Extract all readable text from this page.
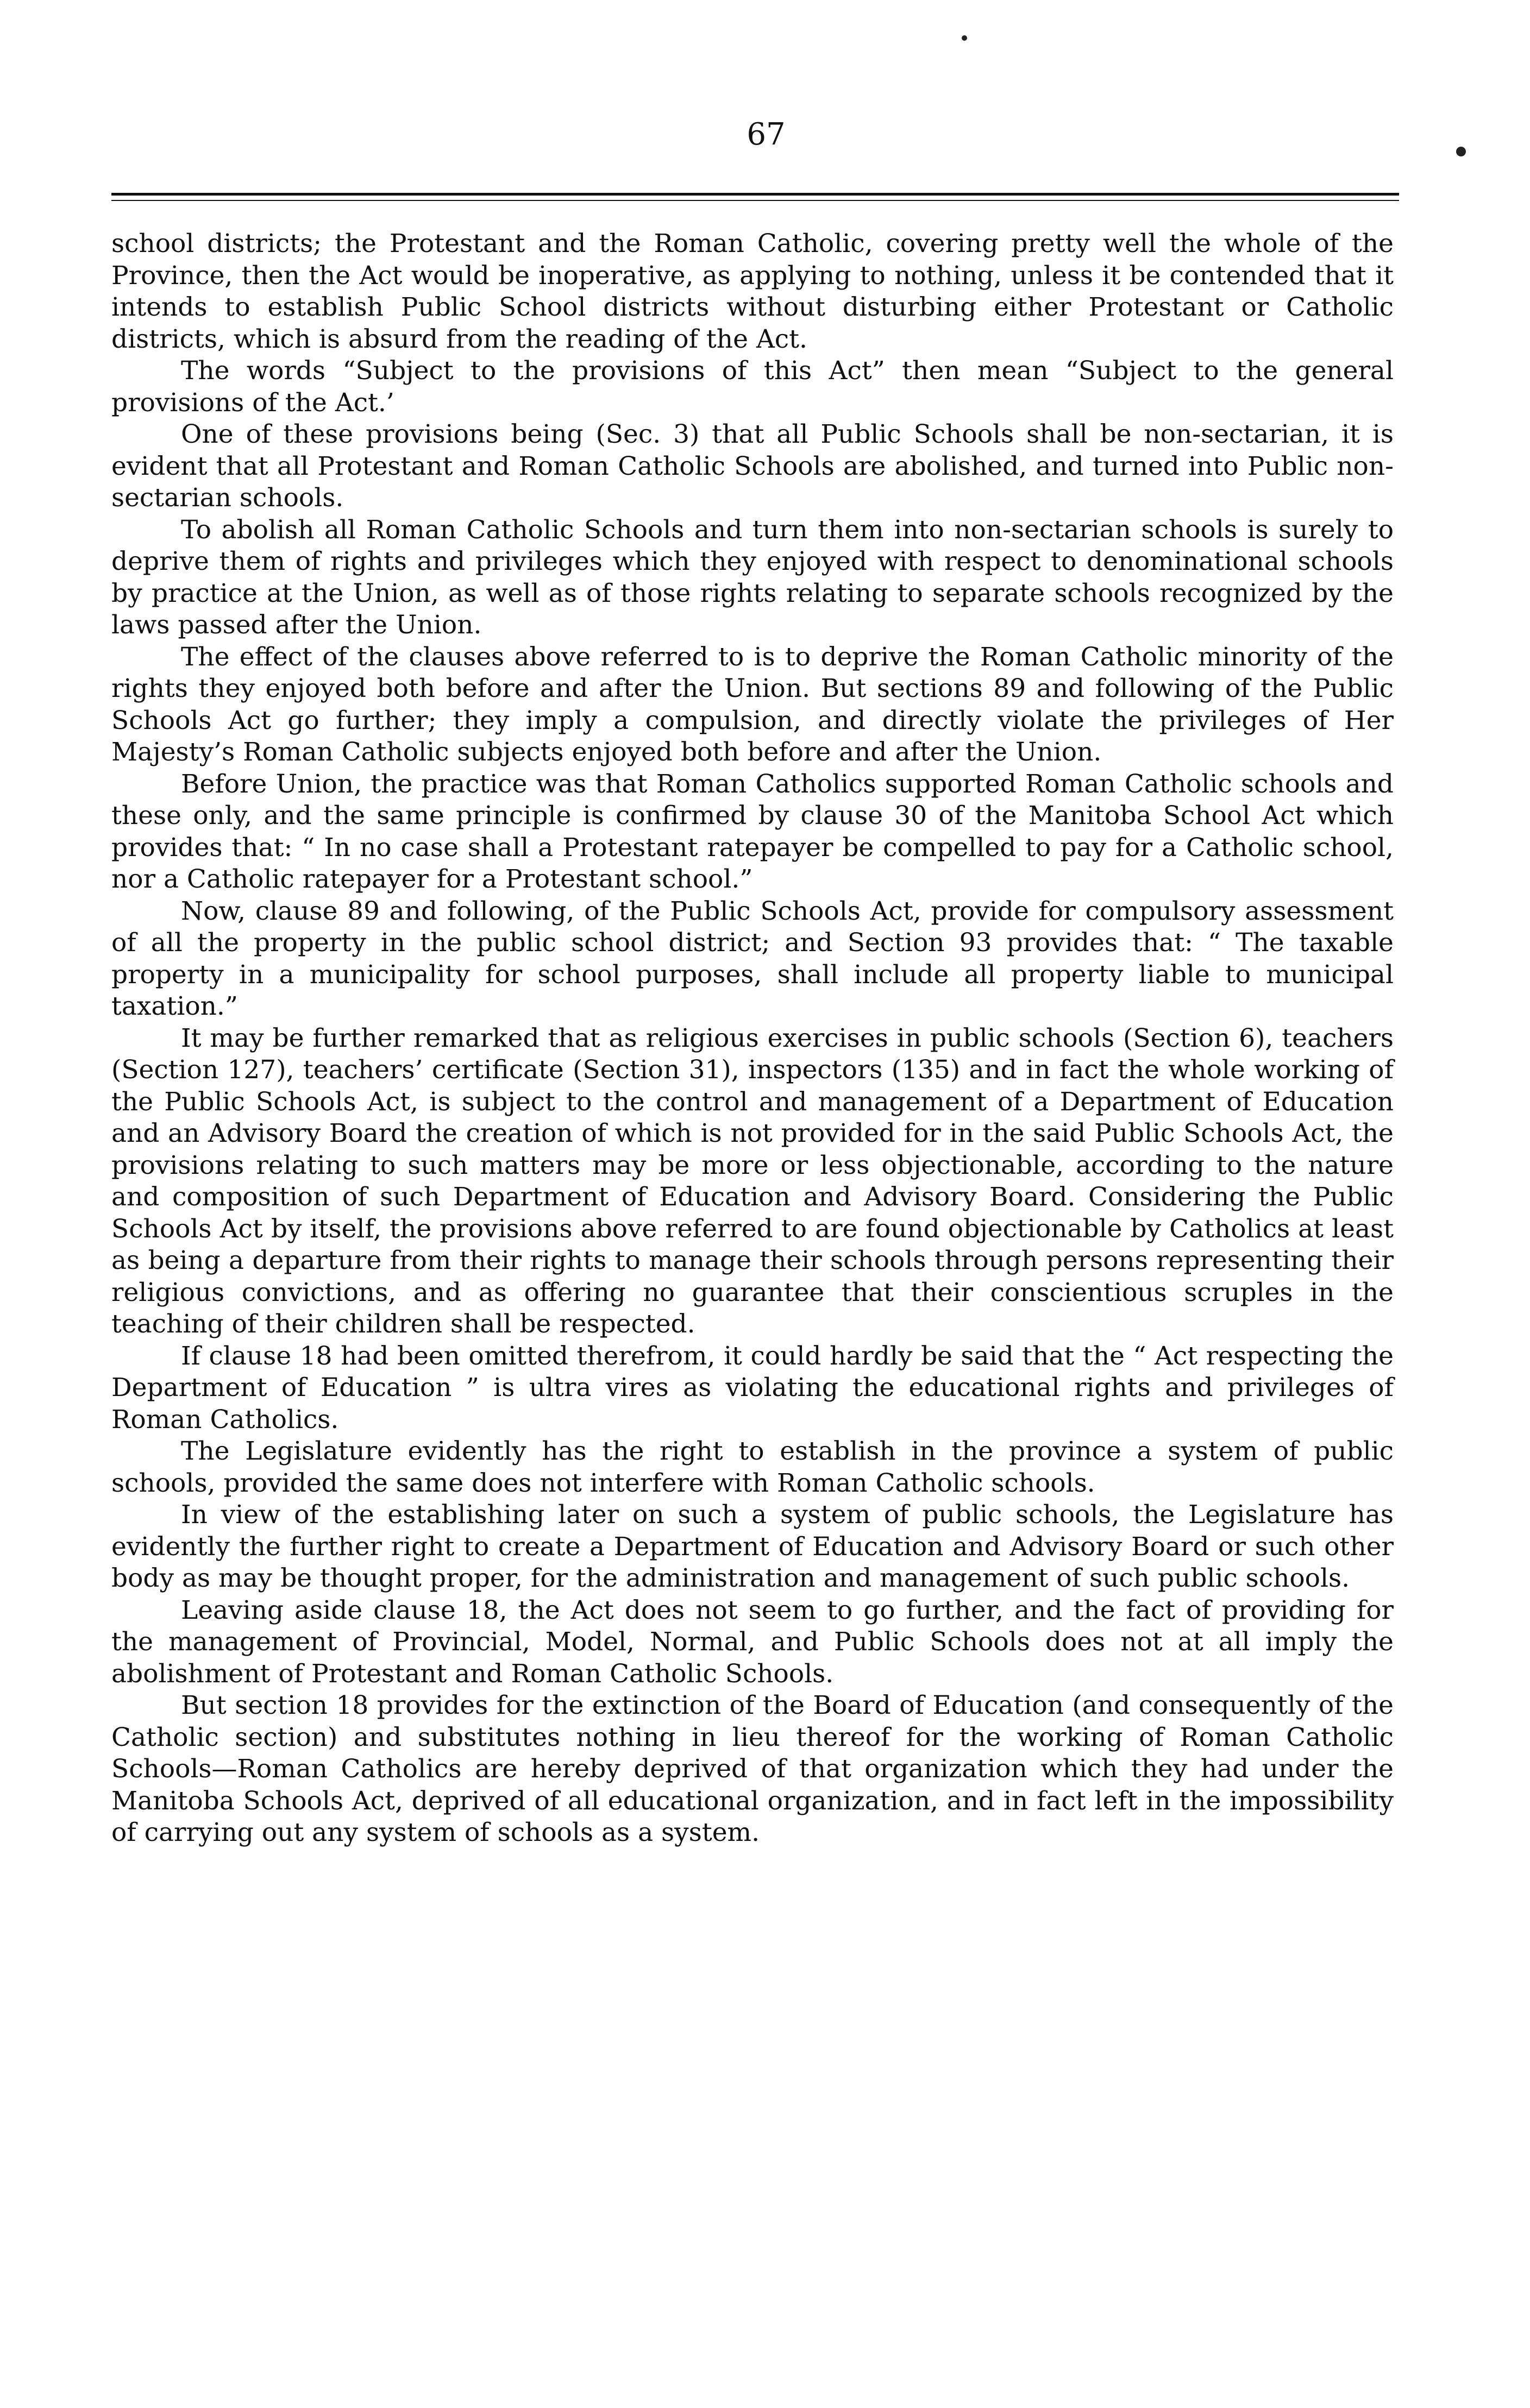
67

school districts; the Protestant and the Roman Catholic, covering pretty well the whole of the Province, then the Act would be inoperative, as applying to nothing, unless it be contended that it intends to establish Public School districts without disturbing either Protestant or Catholic districts, which is absurd from the reading of the Act.

The words “Subject to the provisions of this Act” then mean “Subject to the general provisions of the Act.’

One of these provisions being (Sec. 3) that all Public Schools shall be non-sectarian, it is evident that all Protestant and Roman Catholic Schools are abolished, and turned into Public non-sectarian schools.

To abolish all Roman Catholic Schools and turn them into non-sectarian schools is surely to deprive them of rights and privileges which they enjoyed with respect to denominational schools by practice at the Union, as well as of those rights relating to separate schools recognized by the laws passed after the Union.

The effect of the clauses above referred to is to deprive the Roman Catholic minority of the rights they enjoyed both before and after the Union. But sections 89 and following of the Public Schools Act go further; they imply a compulsion, and directly violate the privileges of Her Majesty’s Roman Catholic subjects enjoyed both before and after the Union.

Before Union, the practice was that Roman Catholics supported Roman Catholic schools and these only, and the same principle is confirmed by clause 30 of the Manitoba School Act which provides that: “ In no case shall a Protestant ratepayer be compelled to pay for a Catholic school, nor a Catholic ratepayer for a Protestant school.”

Now, clause 89 and following, of the Public Schools Act, provide for compulsory assessment of all the property in the public school district; and Section 93 provides that: “ The taxable property in a municipality for school purposes, shall include all property liable to municipal taxation.”

It may be further remarked that as religious exercises in public schools (Section 6), teachers (Section 127), teachers’ certificate (Section 31), inspectors (135) and in fact the whole working of the Public Schools Act, is subject to the control and management of a Department of Education and an Advisory Board the creation of which is not provided for in the said Public Schools Act, the provisions relating to such matters may be more or less objectionable, according to the nature and composition of such Department of Education and Advisory Board. Considering the Public Schools Act by itself, the provisions above referred to are found objectionable by Catholics at least as being a departure from their rights to manage their schools through persons representing their religious convictions, and as offering no guarantee that their conscientious scruples in the teaching of their children shall be respected.

If clause 18 had been omitted therefrom, it could hardly be said that the “ Act respecting the Department of Education ” is ultra vires as violating the educational rights and privileges of Roman Catholics.

The Legislature evidently has the right to establish in the province a system of public schools, provided the same does not interfere with Roman Catholic schools.

In view of the establishing later on such a system of public schools, the Legislature has evidently the further right to create a Department of Education and Advisory Board or such other body as may be thought proper, for the administration and management of such public schools.

Leaving aside clause 18, the Act does not seem to go further, and the fact of providing for the management of Provincial, Model, Normal, and Public Schools does not at all imply the abolishment of Protestant and Roman Catholic Schools.

But section 18 provides for the extinction of the Board of Education (and consequently of the Catholic section) and substitutes nothing in lieu thereof for the working of Roman Catholic Schools—Roman Catholics are hereby deprived of that organization which they had under the Manitoba Schools Act, deprived of all educational organization, and in fact left in the impossibility of carrying out any system of schools as a system.
